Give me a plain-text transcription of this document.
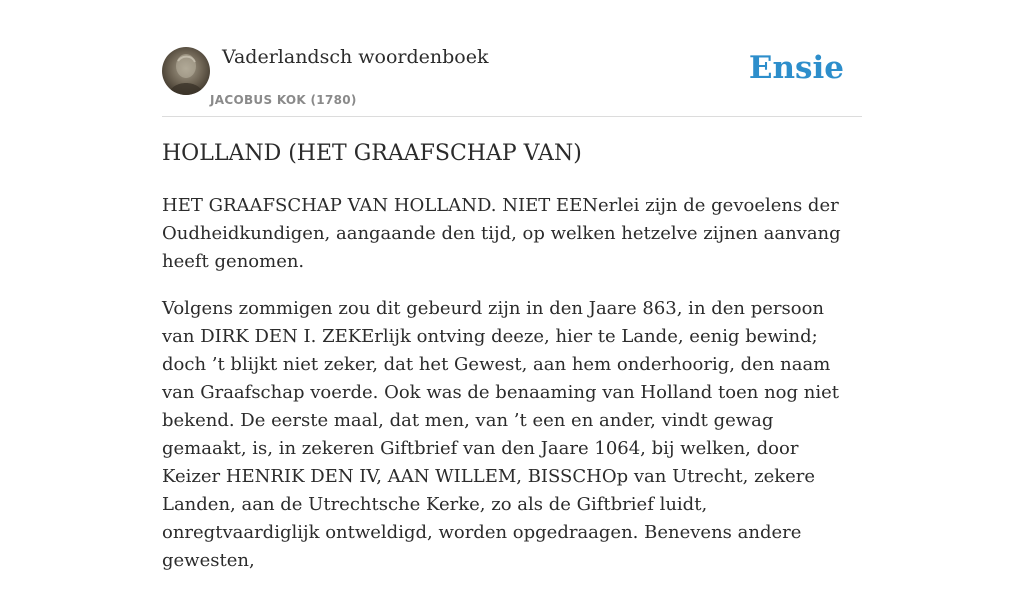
Vaderlandsch woordenboek
JACOBUS KOK (1780)
Ensie
HOLLAND (HET GRAAFSCHAP VAN)

HET GRAAFSCHAP VAN HOLLAND. NIET EENerlei zijn de gevoelens der Oudheidkundigen, aangaande den tijd, op welken hetzelve zijnen aanvang heeft genomen.

Volgens zommigen zou dit gebeurd zijn in den Jaare 863, in den persoon van DIRK DEN I. ZEKErlijk ontving deeze, hier te Lande, eenig bewind; doch ’t blijkt niet zeker, dat het Gewest, aan hem onderhoorig, den naam van Graafschap voerde. Ook was de benaaming van Holland toen nog niet bekend. De eerste maal, dat men, van ’t een en ander, vindt gewag gemaakt, is, in zekeren Giftbrief van den Jaare 1064, bij welken, door Keizer HENRIK DEN IV, AAN WILLEM, BISSCHOp van Utrecht, zekere Landen, aan de Utrechtsche Kerke, zo als de Giftbrief luidt, onregtvaardiglijk ontweldigd, worden opgedraagen. Benevens andere gewesten,
